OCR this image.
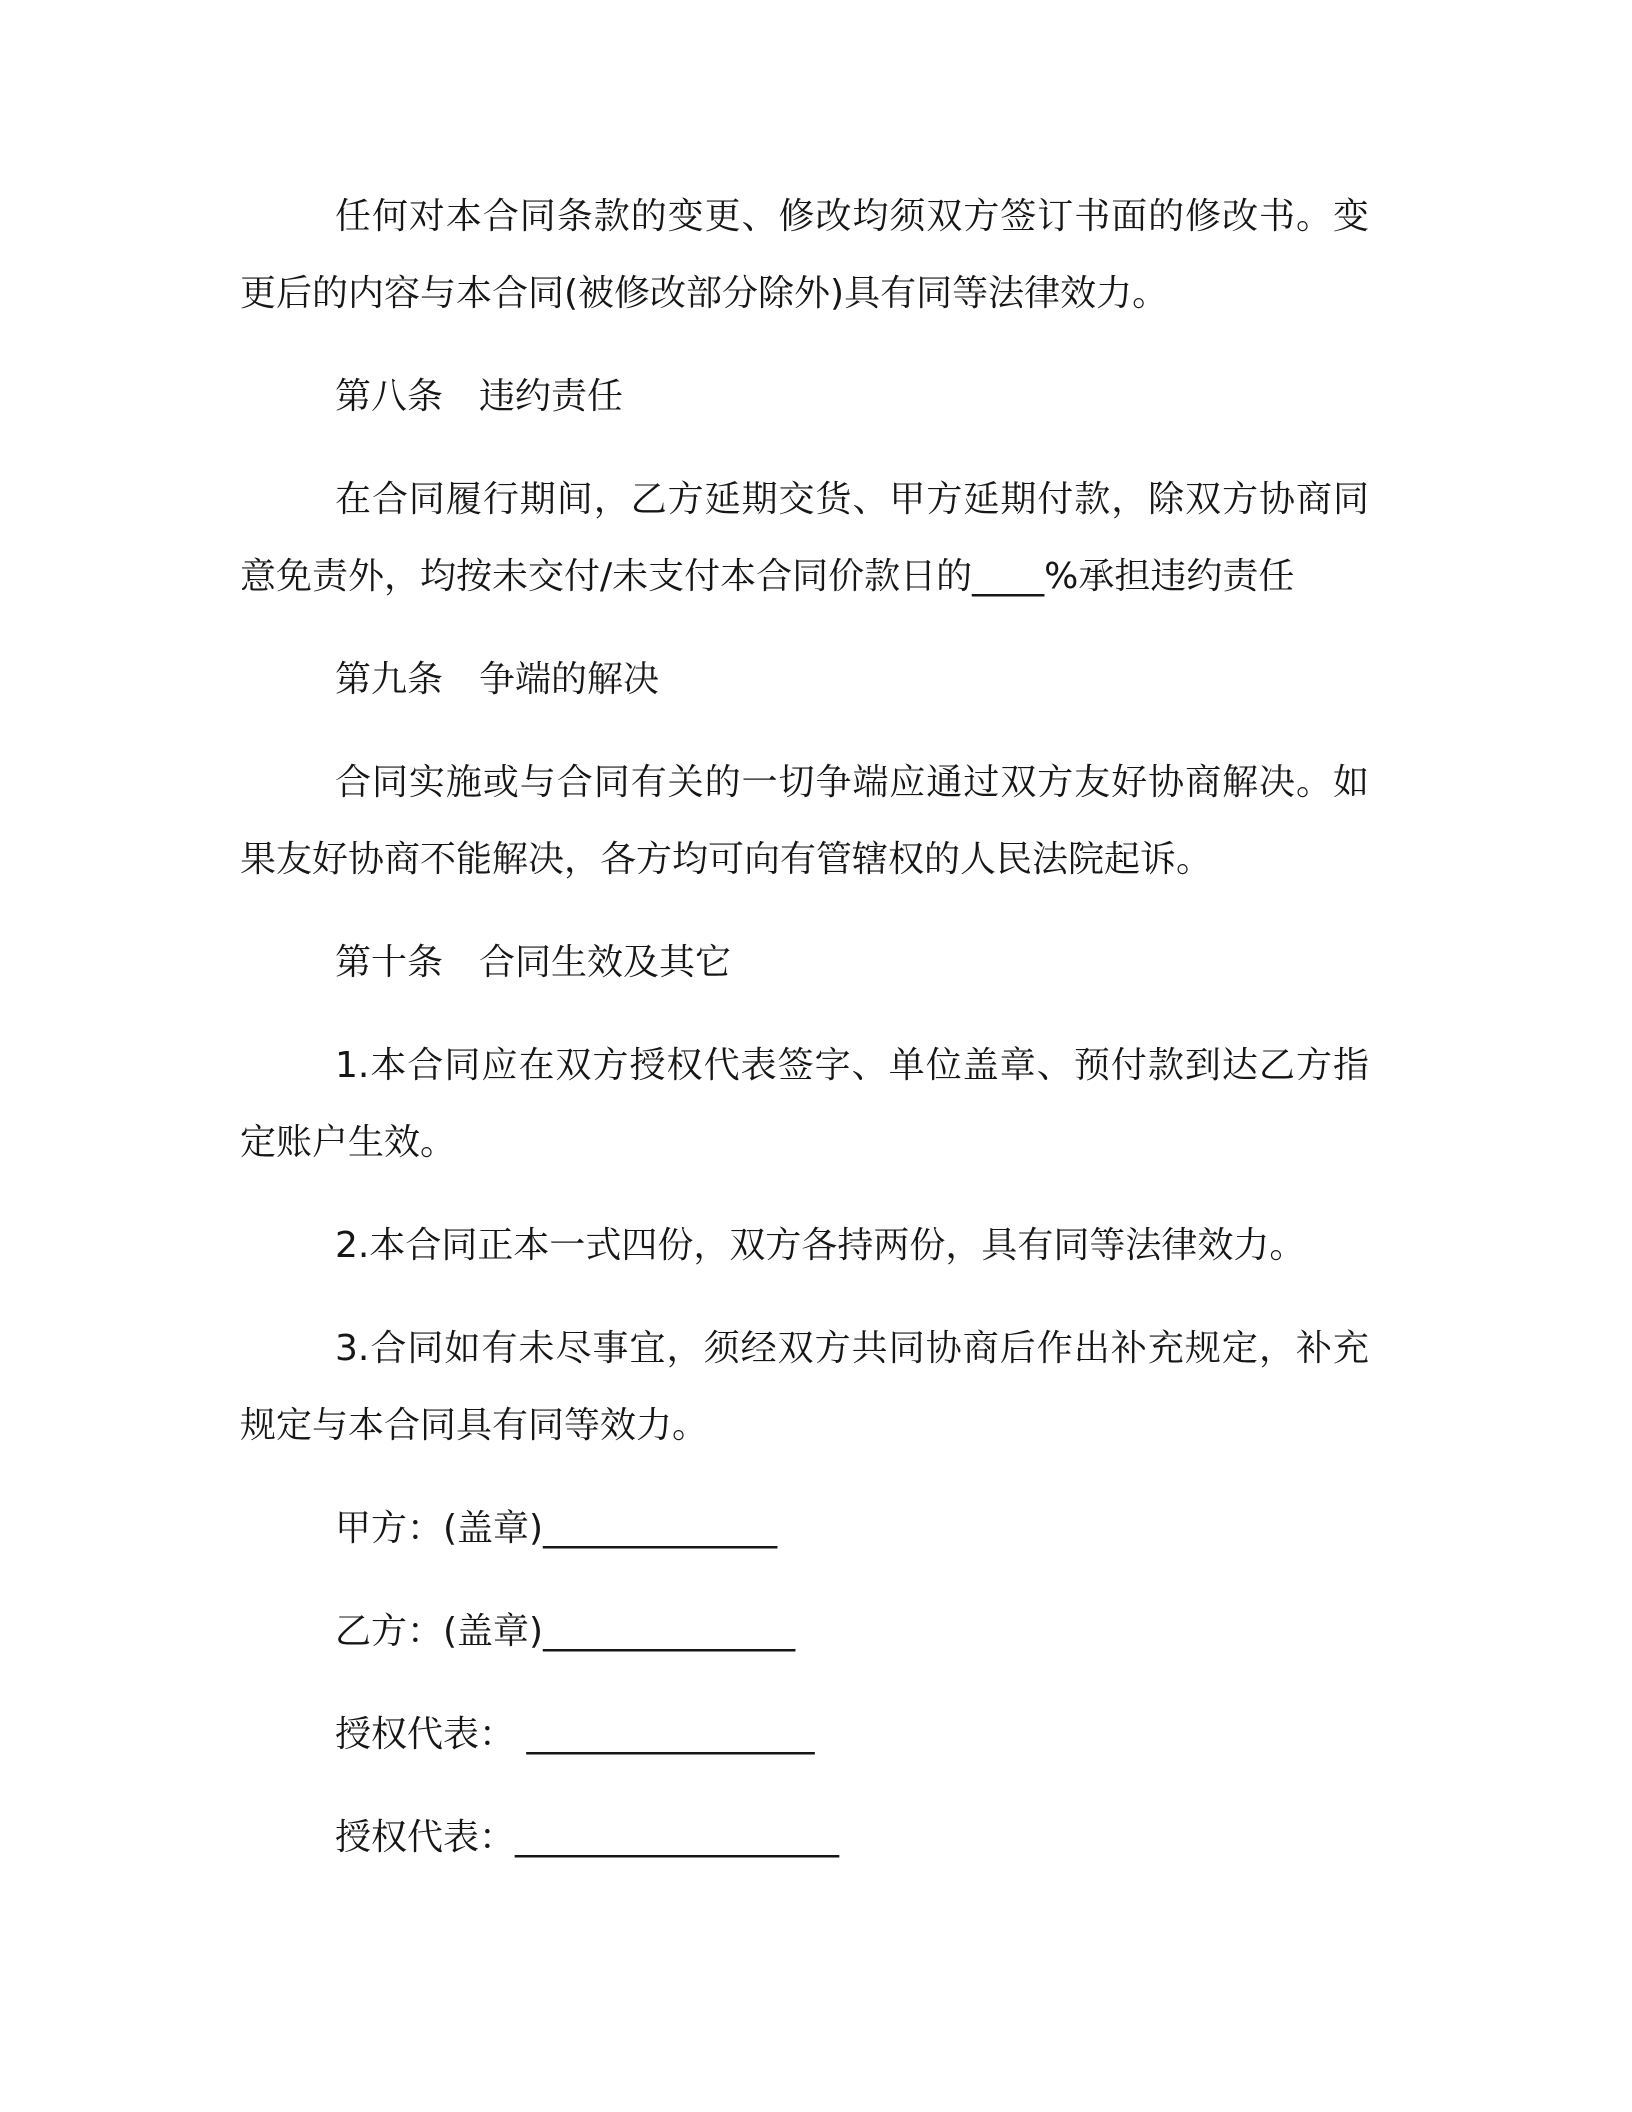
任何对本合同条款的变更、修改均须双方签订书面的修改书。变
更后的内容与本合同(被修改部分除外)具有同等法律效力。
第八条　违约责任
在合同履行期间，乙方延期交货、甲方延期付款，除双方协商同
意免责外，均按未交付/未支付本合同价款日的____%承担违约责任
第九条　争端的解决
合同实施或与合同有关的一切争端应通过双方友好协商解决。如
果友好协商不能解决，各方均可向有管辖权的人民法院起诉。
第十条　合同生效及其它
1.本合同应在双方授权代表签字、单位盖章、预付款到达乙方指
定账户生效。
2.本合同正本一式四份，双方各持两份，具有同等法律效力。
3.合同如有未尽事宜，须经双方共同协商后作出补充规定，补充
规定与本合同具有同等效力。
甲方：(盖章)_____________
乙方：(盖章)______________
授权代表： ________________
授权代表：__________________
